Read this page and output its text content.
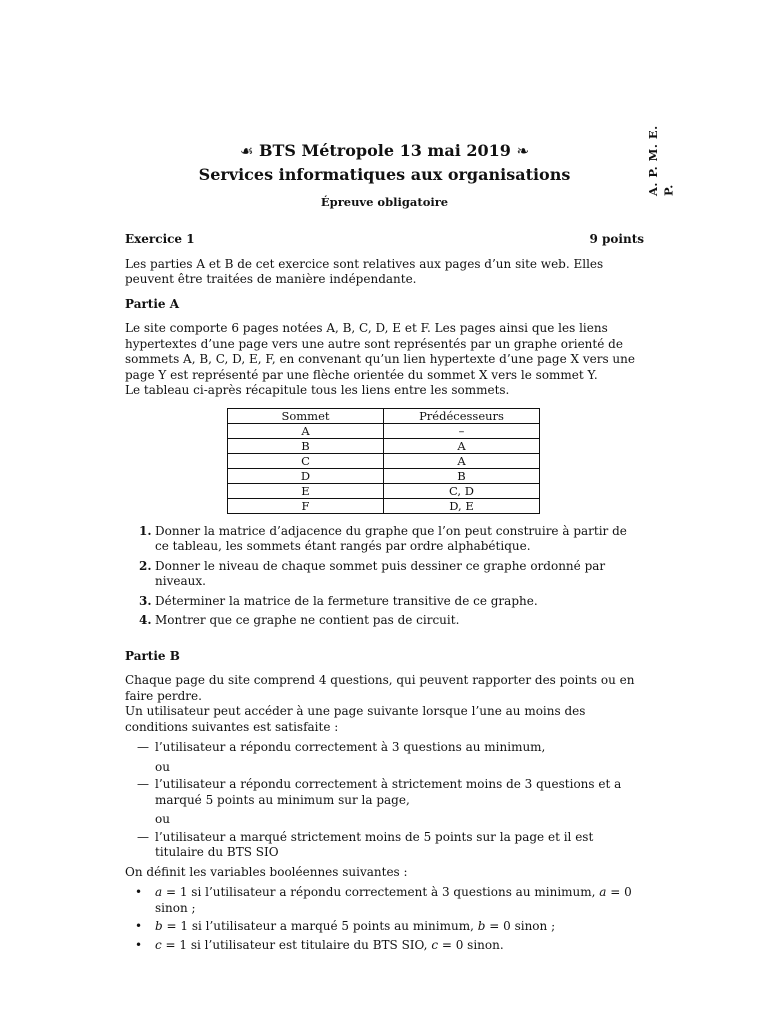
A. P. M. E. P.
☙ BTS Métropole 13 mai 2019 ❧
Services informatiques aux organisations
Épreuve obligatoire
Exercice 1	9 points

Les parties A et B de cet exercice sont relatives aux pages d’un site web. Elles peuvent être traitées de manière indépendante.

Partie A

Le site comporte 6 pages notées A, B, C, D, E et F. Les pages ainsi que les liens hypertextes d’une page vers une autre sont représentés par un graphe orienté de sommets A, B, C, D, E, F, en convenant qu’un lien hypertexte d’une page X vers une page Y est représenté par une flèche orientée du sommet X vers le sommet Y.

Le tableau ci-après récapitule tous les liens entre les sommets.

Sommet	Prédécesseurs
A	–
B	A
C	A
D	B
E	C, D
F	D, E
1. Donner la matrice d’adjacence du graphe que l’on peut construire à partir de ce tableau, les sommets étant rangés par ordre alphabétique.
2. Donner le niveau de chaque sommet puis dessiner ce graphe ordonné par niveaux.
3. Déterminer la matrice de la fermeture transitive de ce graphe.
4. Montrer que ce graphe ne contient pas de circuit.

Partie B

Chaque page du site comprend 4 questions, qui peuvent rapporter des points ou en faire perdre.

Un utilisateur peut accéder à une page suivante lorsque l’une au moins des conditions suivantes est satisfaite :

— l’utilisateur a répondu correctement à 3 questions au minimum,

ou

— l’utilisateur a répondu correctement à strictement moins de 3 questions et a marqué 5 points au minimum sur la page,

ou

— l’utilisateur a marqué strictement moins de 5 points sur la page et il est titulaire du BTS SIO

On définit les variables booléennes suivantes :

• a = 1 si l’utilisateur a répondu correctement à 3 questions au minimum, a = 0 sinon ;
• b = 1 si l’utilisateur a marqué 5 points au minimum, b = 0 sinon ;
• c = 1 si l’utilisateur est titulaire du BTS SIO, c = 0 sinon.
